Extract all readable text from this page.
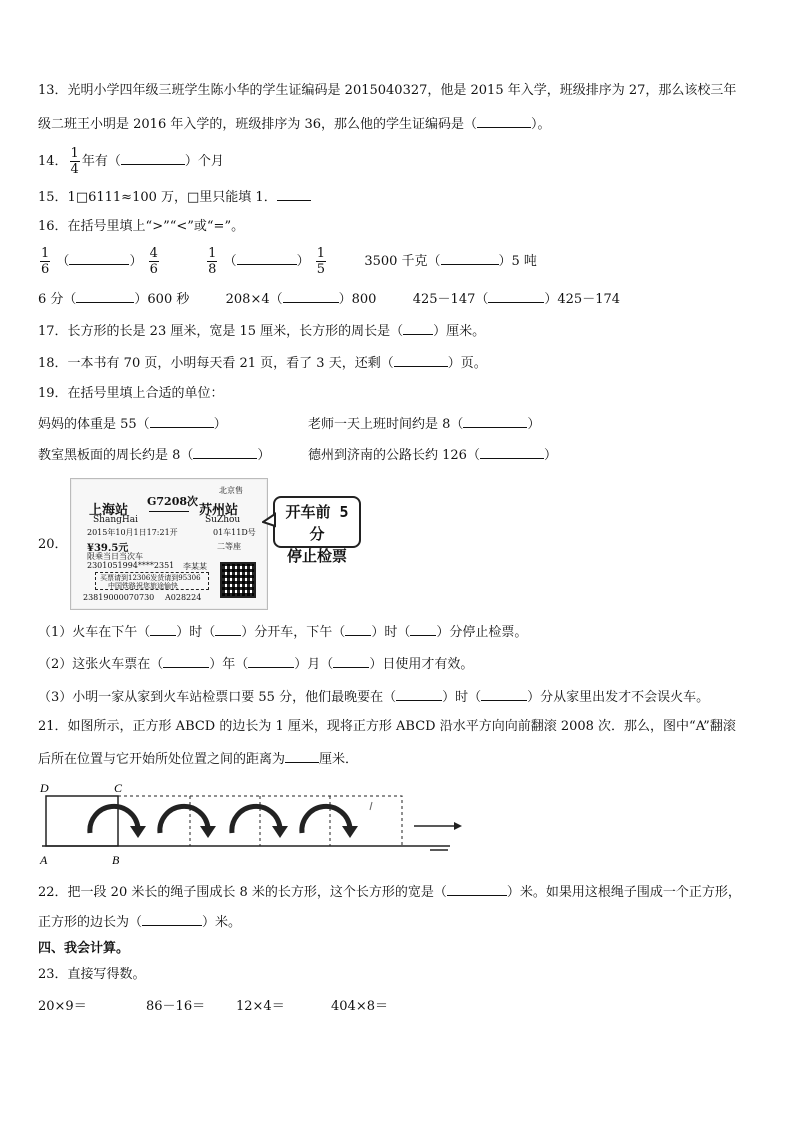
13．光明小学四年级三班学生陈小华的学生证编码是 2015040327，他是 2015 年入学，班级排序为 27，那么该校三年
级二班王小明是 2016 年入学的，班级排序为 36，那么他的学生证编码是（	）。
14． $\frac{1}{4}$ 年有（	）个月
15．1□6111≈100 万，□里只能填 1．
16．在括号里填上“>”“<”或“=”。
$\frac{1}{6}$ （	） $\frac{4}{6}$
	$\frac{1}{8}$ （	） $\frac{1}{5}$	3500 千克（	）5 吨
6 分（	）600 秒	208×4（	）800	425－147（	）425－174
17．长方形的长是 23 厘米，宽是 15 厘米，长方形的周长是（ ）厘米。
18．一本书有 70 页，小明每天看 21 页，看了 3 天，还剩（	）页。
19．在括号里填上合适的单位：
妈妈的体重是 55（	）	老师一天上班时间约是 8（	）
教室黑板面的周长约是 8（	）	德州到济南的公路长约 126（	）
20．
上海站
ShangHai
G7208次
苏州站
SuZhou
北京售
2015年10月1日17:21开	01车11D号
¥39.5元	二等座
限乘当日当次车
2301051994****2351 李某某
买票请到12306发货请到95306
中国铁路祝您旅途愉快
23819000070730 A028224
开车前 5 分
停止检票
（1）火车在下午（ ）时（ ）分开车，下午（ ）时（ ）分停止检票。
（2）这张火车票在（	）年（	）月（	）日使用才有效。
（3）小明一家从家到火车站检票口要 55 分，他们最晚要在（	）时（	）分从家里出发才不会误火车。
21．如图所示，正方形 ABCD 的边长为 1 厘米，现将正方形 ABCD 沿水平方向向前翻滚 2008 次．那么，图中“A”翻滚
后所在位置与它开始所处位置之间的距离为	厘米．
D	C
A	B
22．把一段 20 米长的绳子围成长 8 米的长方形，这个长方形的宽是（	）米。如果用这根绳子围成一个正方形，
正方形的边长为（	）米。
四、我会计算。
23．直接写得数。
20×9＝	86－16＝ 12×4＝	404×8＝
